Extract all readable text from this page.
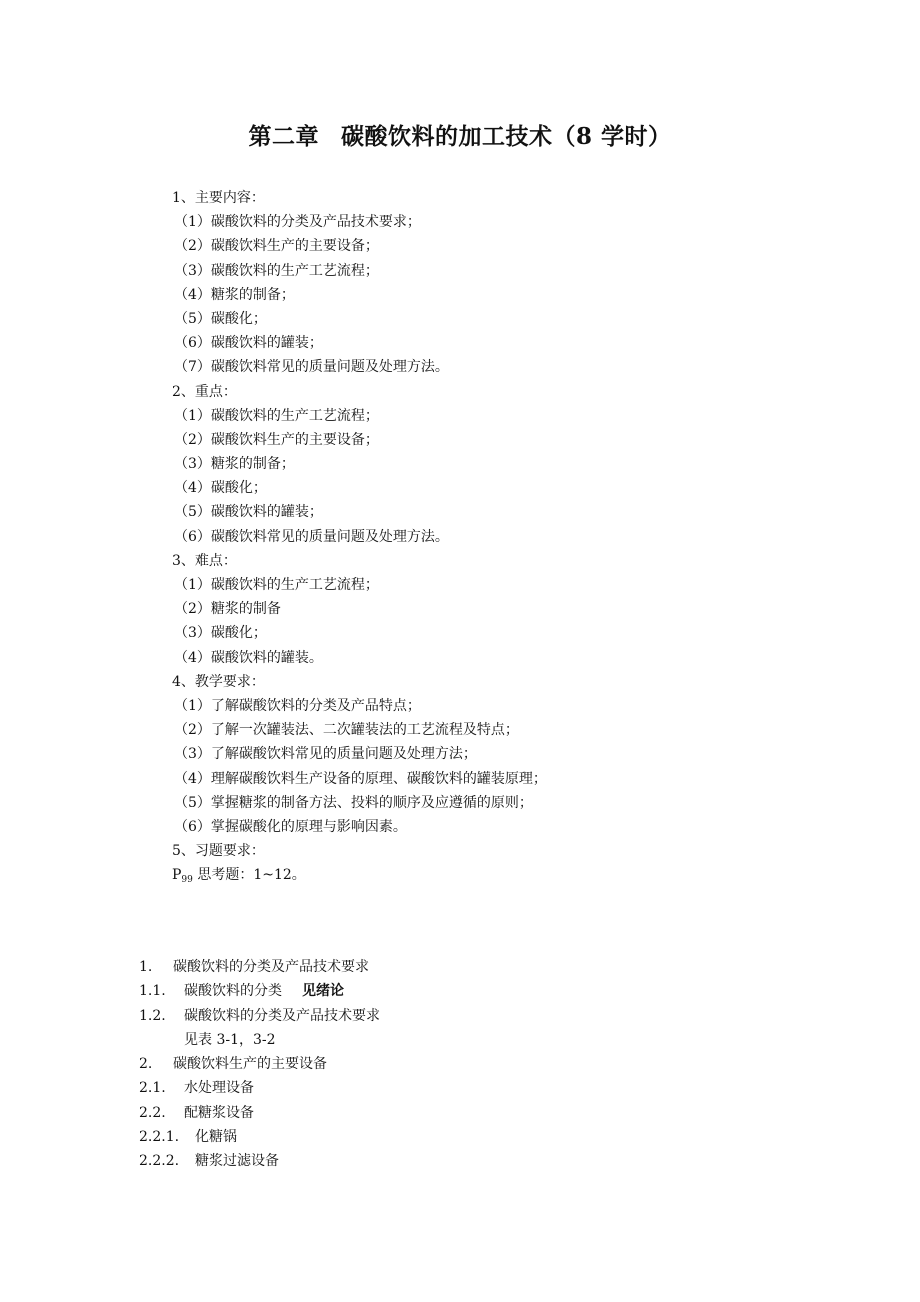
第二章 碳酸饮料的加工技术（8 学时）
1、主要内容：
（1）碳酸饮料的分类及产品技术要求；
（2）碳酸饮料生产的主要设备；
（3）碳酸饮料的生产工艺流程；
（4）糖浆的制备；
（5）碳酸化；
（6）碳酸饮料的罐装；
（7）碳酸饮料常见的质量问题及处理方法。
2、重点：
（1）碳酸饮料的生产工艺流程；
（2）碳酸饮料生产的主要设备；
（3）糖浆的制备；
（4）碳酸化；
（5）碳酸饮料的罐装；
（6）碳酸饮料常见的质量问题及处理方法。
3、难点：
（1）碳酸饮料的生产工艺流程；
（2）糖浆的制备
（3）碳酸化；
（4）碳酸饮料的罐装。
4、教学要求：
（1）了解碳酸饮料的分类及产品特点；
（2）了解一次罐装法、二次罐装法的工艺流程及特点；
（3）了解碳酸饮料常见的质量问题及处理方法；
（4）理解碳酸饮料生产设备的原理、碳酸饮料的罐装原理；
（5）掌握糖浆的制备方法、投料的顺序及应遵循的原则；
（6）掌握碳酸化的原理与影响因素。
5、习题要求：
$P_{99}$ 思考题：1~12。
1. 碳酸饮料的分类及产品技术要求
1.1. 碳酸饮料的分类 见绪论
1.2. 碳酸饮料的分类及产品技术要求
见表 3-1，3-2
2. 碳酸饮料生产的主要设备
2.1. 水处理设备
2.2. 配糖浆设备
2.2.1. 化糖锅
2.2.2. 糖浆过滤设备
